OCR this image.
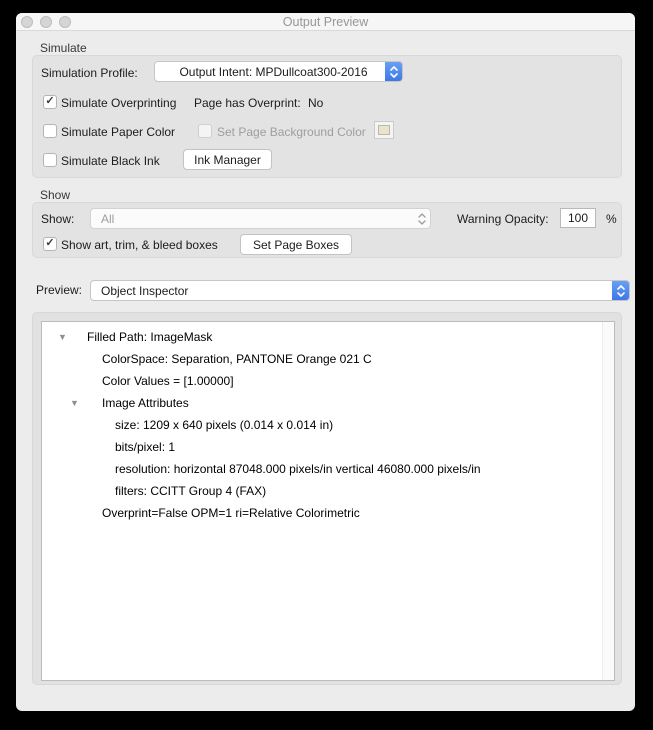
Output Preview
Simulate
Simulation Profile:	Output Intent: MPDullcoat300-2016
✓ Simulate Overprinting Page has Overprint: No
Simulate Paper Color	Set Page Background Color
Simulate Black Ink	Ink Manager
Show
Show:	All	Warning Opacity: 100 %
✓ Show art, trim, & bleed boxes	Set Page Boxes
Preview:	Object Inspector
▼ Filled Path: ImageMask
ColorSpace: Separation, PANTONE Orange 021 C
Color Values = [1.00000]
▼ Image Attributes
size: 1209 x 640 pixels (0.014 x 0.014 in)
bits/pixel: 1
resolution: horizontal 87048.000 pixels/in vertical 46080.000 pixels/in
filters: CCITT Group 4 (FAX)
Overprint=False OPM=1 ri=Relative Colorimetric
